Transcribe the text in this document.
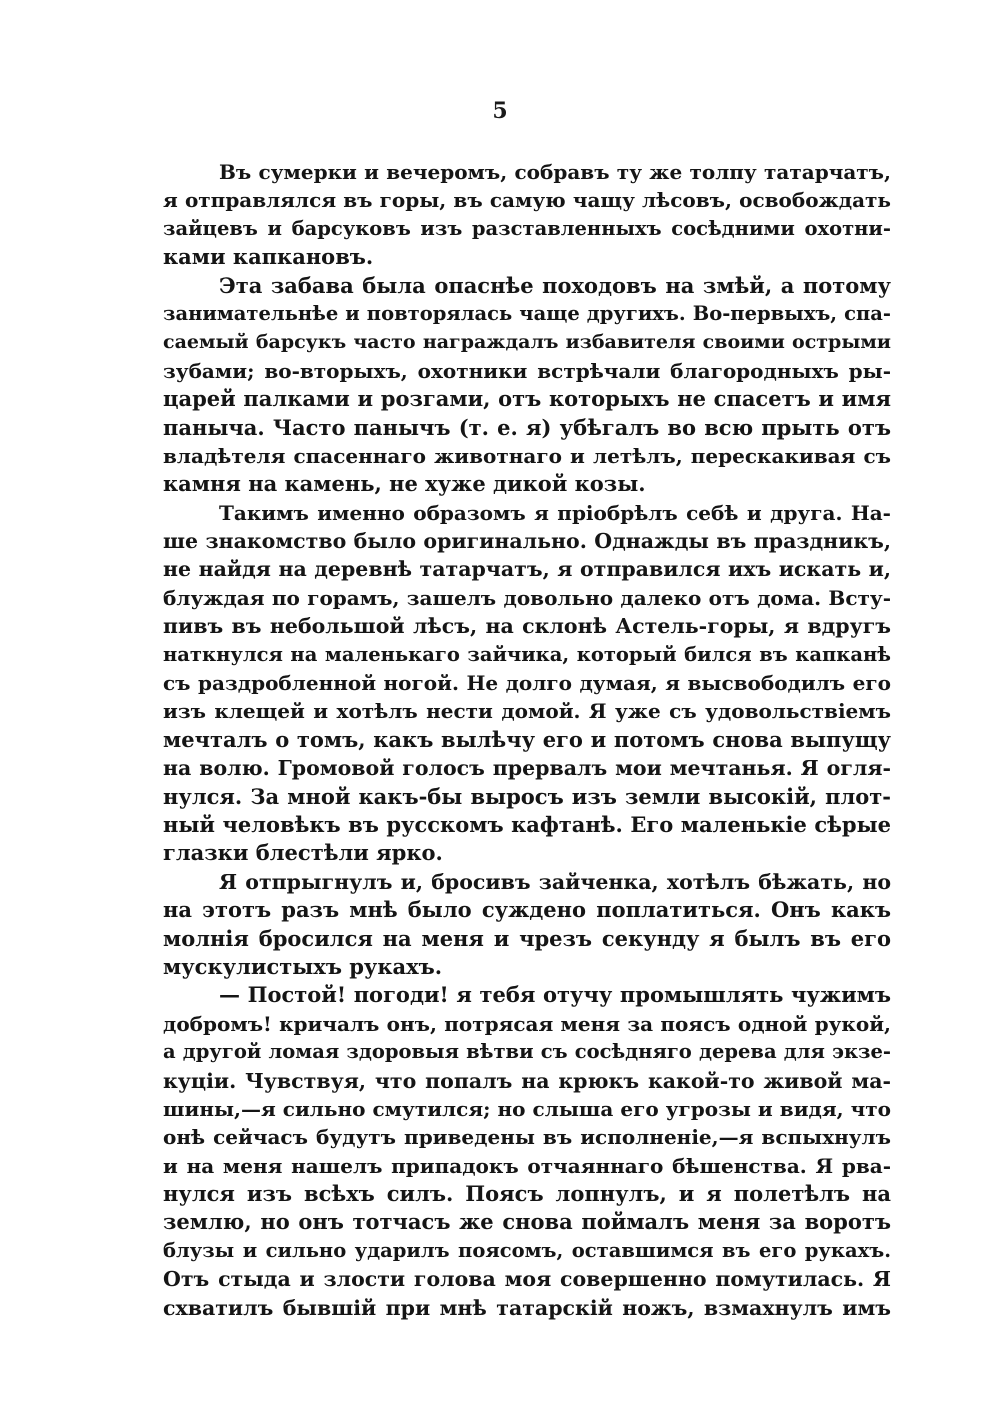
5
Въ сумерки и вечеромъ, собравъ ту же толпу татарчатъ,
я отправлялся въ горы, въ самую чащу лѣсовъ, освобождать
зайцевъ и барсуковъ изъ разставленныхъ сосѣдними охотни-
ками капкановъ.
Эта забава была опаснѣе походовъ на змѣй, а потому
занимательнѣе и повторялась чаще другихъ. Во-первыхъ, спа-
саемый барсукъ часто награждалъ избавителя своими острыми
зубами; во-вторыхъ, охотники встрѣчали благородныхъ ры-
царей палками и розгами, отъ которыхъ не спасетъ и имя
панычa. Часто панычъ (т. е. я) убѣгалъ во всю прыть отъ
владѣтеля спасеннаго животнаго и летѣлъ, перескакивая съ
камня на камень, не хуже дикой козы.
Такимъ именно образомъ я пріобрѣлъ себѣ и друга. На-
ше знакомство было оригинально. Однажды въ праздникъ,
не найдя на деревнѣ татарчатъ, я отправился ихъ искать и,
блуждая по горамъ, зашелъ довольно далеко отъ дома. Всту-
пивъ въ небольшой лѣсъ, на склонѣ Астель-горы, я вдругъ
наткнулся на маленькаго зайчика, который бился въ капканѣ
съ раздробленной ногой. Не долго думая, я высвободилъ его
изъ клещей и хотѣлъ нести домой. Я уже съ удовольствіемъ
мечталъ о томъ, какъ вылѣчу его и потомъ снова выпущу
на волю. Громовой голосъ прервалъ мои мечтанья. Я огля-
нулся. За мной какъ-бы выросъ изъ земли высокій, плот-
ный человѣкъ въ русскомъ кафтанѣ. Его маленькіе сѣрые
глазки блестѣли ярко.
Я отпрыгнулъ и, бросивъ зайченка, хотѣлъ бѣжать, но
на этотъ разъ мнѣ было суждено поплатиться. Онъ какъ
молнія бросился на меня и чрезъ секунду я былъ въ его
мускулистыхъ рукахъ.
— Постой! погоди! я тебя отучу промышлять чужимъ
добромъ! кричалъ онъ, потрясая меня за поясъ одной рукой,
а другой ломая здоровыя вѣтви съ сосѣдняго дерева для экзе-
куціи. Чувствуя, что попалъ на крюкъ какой-то живой ма-
шины,—я сильно смутился; но слыша его угрозы и видя, что
онѣ сейчасъ будутъ приведены въ исполненіе,—я вспыхнулъ
и на меня нашелъ припадокъ отчаяннаго бѣшенства. Я рва-
нулся изъ всѣхъ силъ. Поясъ лопнулъ, и я полетѣлъ на
землю, но онъ тотчасъ же снова поймалъ меня за воротъ
блузы и сильно ударилъ поясомъ, оставшимся въ его рукахъ.
Отъ стыда и злости голова моя совершенно помутилась. Я
схватилъ бывшій при мнѣ татарскій ножъ, взмахнулъ имъ
